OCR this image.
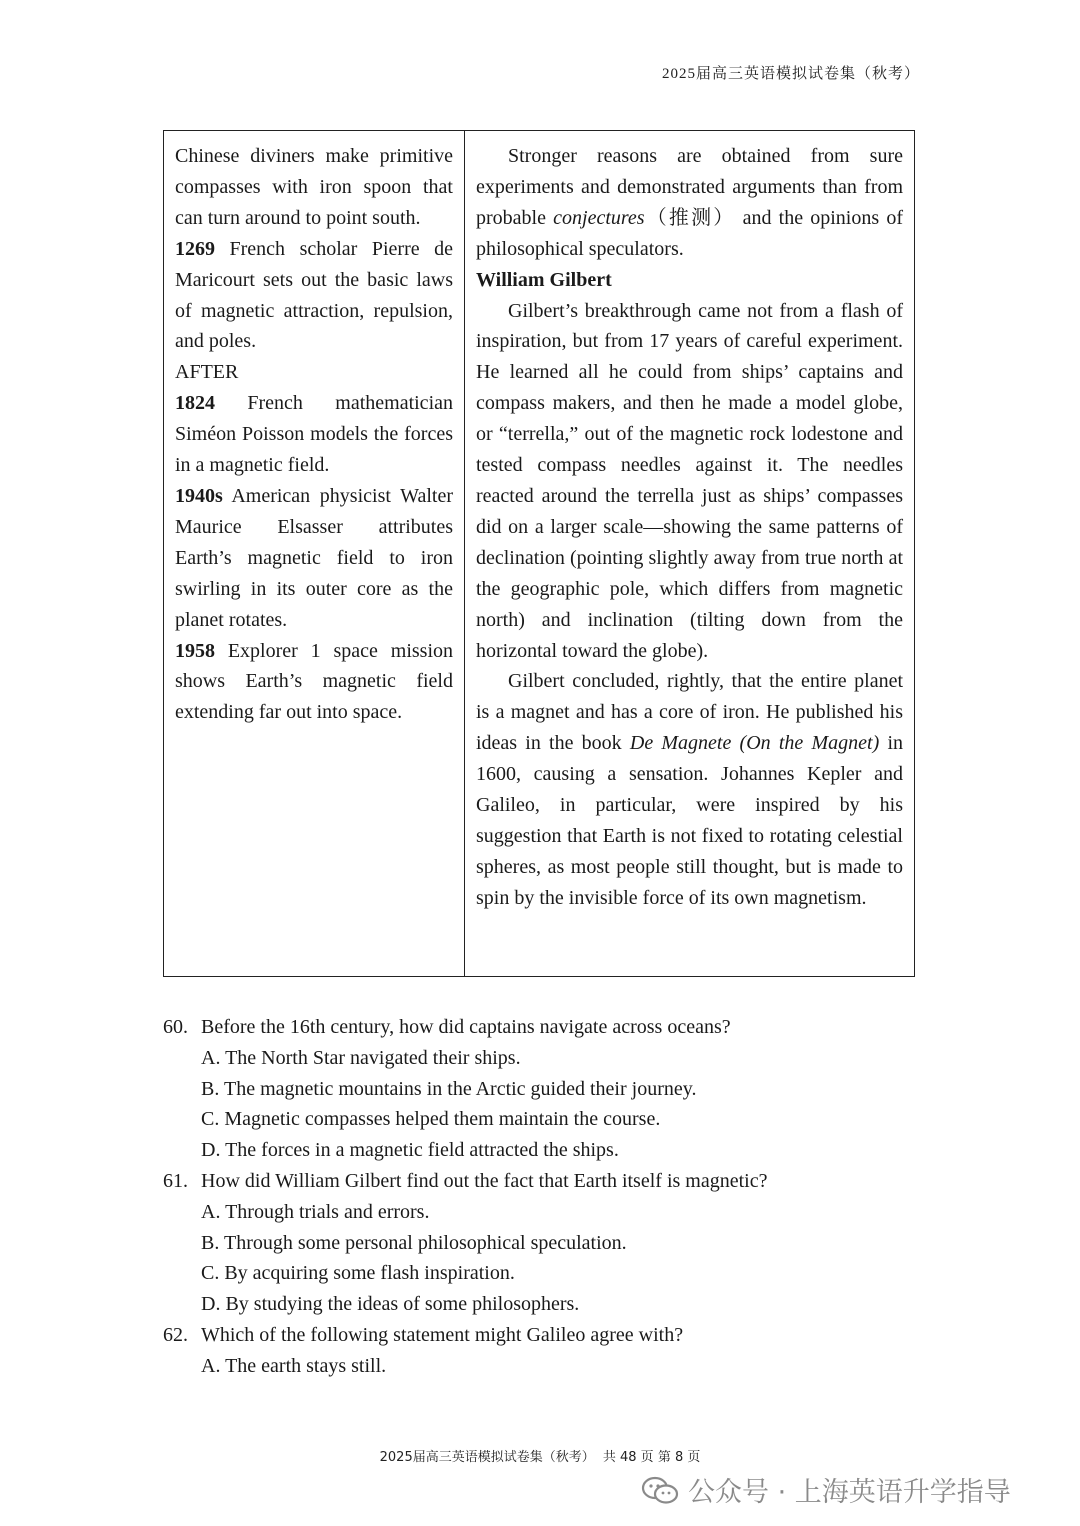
2025届高三英语模拟试卷集（秋考）

Chinese diviners make primitive compasses with iron spoon that can turn around to point south.

1269 French scholar Pierre de Maricourt sets out the basic laws of magnetic attraction, repulsion, and poles.

AFTER

1824 French mathematician Siméon Poisson models the forces in a magnetic field.

1940s American physicist Walter Maurice Elsasser attributes Earth’s magnetic field to iron swirling in its outer core as the planet rotates.

1958 Explorer 1 space mission shows Earth’s magnetic field extending far out into space.

Stronger reasons are obtained from sure experiments and demonstrated arguments than from probable conjectures（推测） and the opinions of philosophical speculators.

William Gilbert

Gilbert’s breakthrough came not from a flash of inspiration, but from 17 years of careful experiment. He learned all he could from ships’ captains and compass makers, and then he made a model globe, or “terrella,” out of the magnetic rock lodestone and tested compass needles against it. The needles reacted around the terrella just as ships’ compasses did on a larger scale—showing the same patterns of declination (pointing slightly away from true north at the geographic pole, which differs from magnetic north) and inclination (tilting down from the horizontal toward the globe).

Gilbert concluded, rightly, that the entire planet is a magnet and has a core of iron. He published his ideas in the book De Magnete (On the Magnet) in 1600, causing a sensation. Johannes Kepler and Galileo, in particular, were inspired by his suggestion that Earth is not fixed to rotating celestial spheres, as most people still thought, but is made to spin by the invisible force of its own magnetism.

60. Before the 16th century, how did captains navigate across oceans?
A. The North Star navigated their ships.
B. The magnetic mountains in the Arctic guided their journey.
C. Magnetic compasses helped them maintain the course.
D. The forces in a magnetic field attracted the ships.
61. How did William Gilbert find out the fact that Earth itself is magnetic?
A. Through trials and errors.
B. Through some personal philosophical speculation.
C. By acquiring some flash inspiration.
D. By studying the ideas of some philosophers.
62. Which of the following statement might Galileo agree with?
A. The earth stays still.
2025届高三英语模拟试卷集（秋考） 共 48 页 第 8 页
公众号 · 上海英语升学指导
